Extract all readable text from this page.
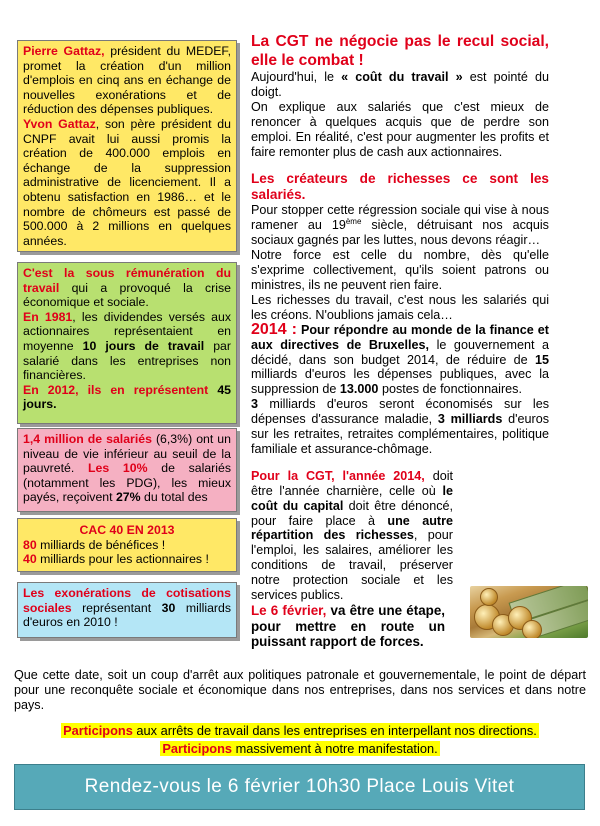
Pierre Gattaz, président du MEDEF, promet la création d'un million d'emplois en cinq ans en échange de nouvelles exonérations et de réduction des dépenses publiques.

Yvon Gattaz, son père président du CNPF avait lui aussi promis la création de 400.000 emplois en échange de la suppression administrative de licenciement. Il a obtenu satisfaction en 1986… et le nombre de chômeurs est passé de 500.000 à 2 millions en quelques années.

C'est la sous rémunération du travail qui a provoqué la crise économique et sociale.

En 1981, les dividendes versés aux actionnaires représentaient en moyenne 10 jours de travail par salarié dans les entreprises non financières.

En 2012, ils en représentent 45 jours.

1,4 million de salariés (6,3%) ont un niveau de vie inférieur au seuil de la pauvreté. Les 10% de salariés (notamment les PDG), les mieux payés, reçoivent 27% du total des

CAC 40 EN 2013

80 milliards de bénéfices !

40 milliards pour les actionnaires !

Les exonérations de cotisations sociales représentant 30 milliards d'euros en 2010 !

La CGT ne négocie pas le recul social, elle le combat !

Aujourd'hui, le « coût du travail » est pointé du doigt.

On explique aux salariés que c'est mieux de renoncer à quelques acquis que de perdre son emploi. En réalité, c'est pour augmenter les profits et faire remonter plus de cash aux actionnaires.

Les créateurs de richesses ce sont les salariés.

Pour stopper cette régression sociale qui vise à nous ramener au 19ème siècle, détruisant nos acquis sociaux gagnés par les luttes, nous devons réagir…

Notre force est celle du nombre, dès qu'elle s'exprime collectivement, qu'ils soient patrons ou ministres, ils ne peuvent rien faire.

Les richesses du travail, c'est nous les salariés qui les créons. N'oublions jamais cela…

2014 : Pour répondre au monde de la finance et aux directives de Bruxelles, le gouvernement a décidé, dans son budget 2014, de réduire de 15 milliards d'euros les dépenses publiques, avec la suppression de 13.000 postes de fonctionnaires.

3 milliards d'euros seront économisés sur les dépenses d'assurance maladie, 3 milliards d'euros sur les retraites, retraites complémentaires, politique familiale et assurance-chômage.

Pour la CGT, l'année 2014, doit être l'année charnière, celle où le coût du capital doit être dénoncé, pour faire place à une autre répartition des richesses, pour l'emploi, les salaires, améliorer les conditions de travail, préserver notre protection sociale et les services publics.

Le 6 février, va être une étape, pour mettre en route un puissant rapport de forces.

Que cette date, soit un coup d'arrêt aux politiques patronale et gouvernementale, le point de départ pour une reconquête sociale et économique dans nos entreprises, dans nos services et dans notre pays.

Participons aux arrêts de travail dans les entreprises en interpellant nos directions.
Participons massivement à notre manifestation.
Rendez-vous le 6 février 10h30 Place Louis Vitet
